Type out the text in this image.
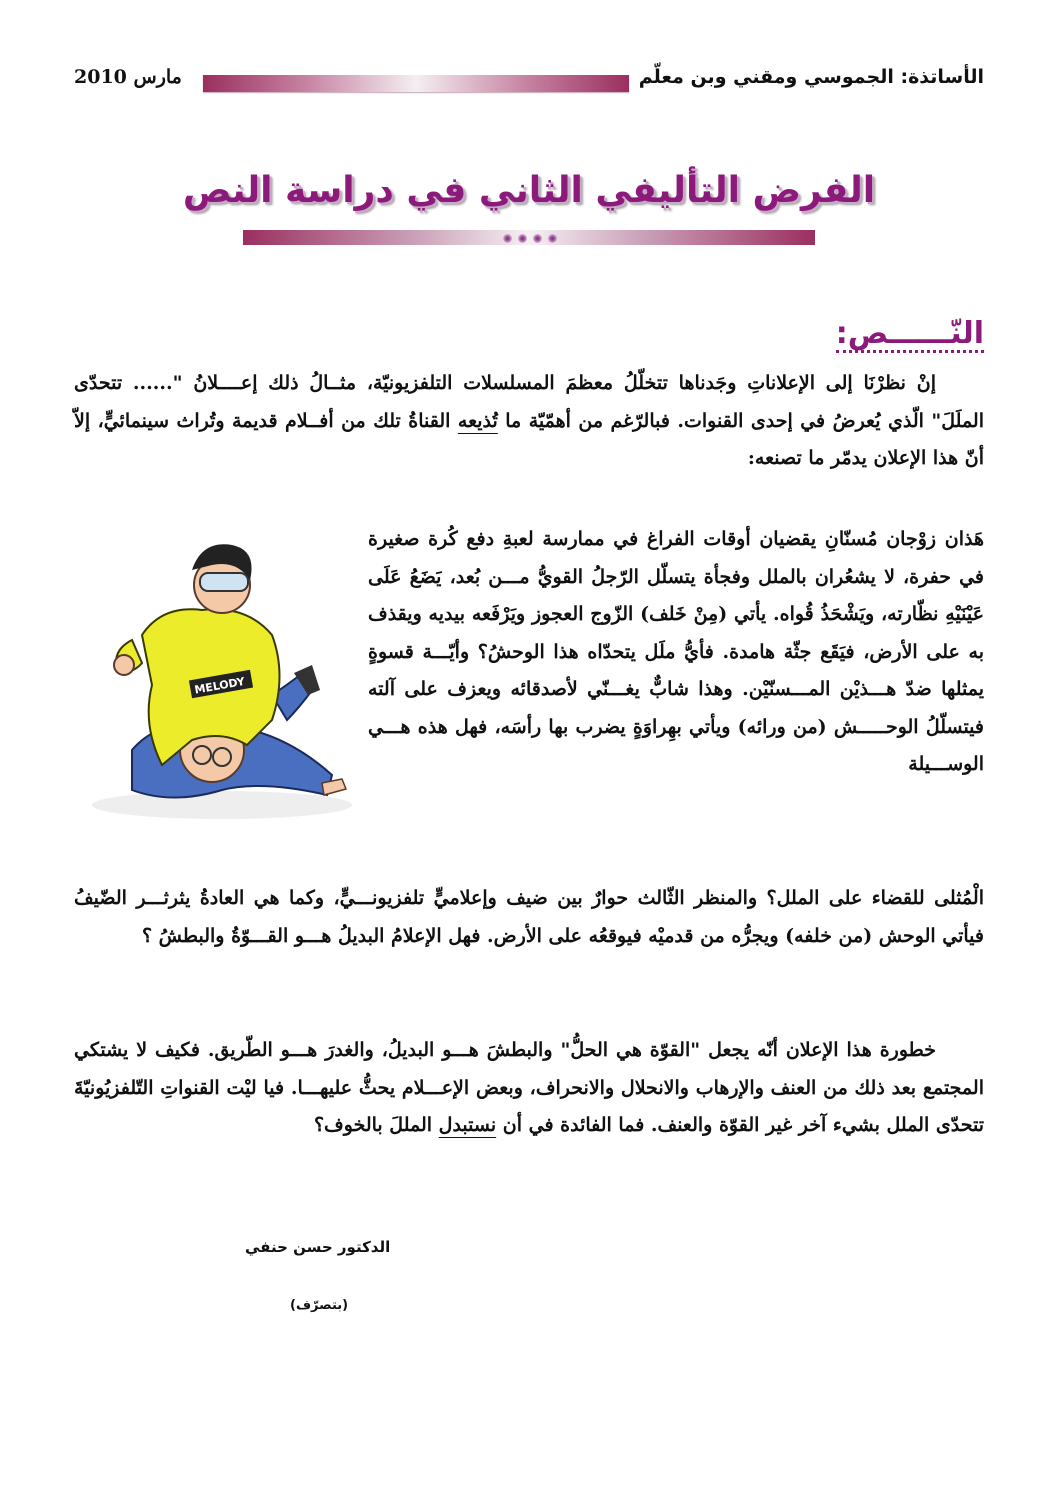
الأساتذة: الجموسي ومقني وبن معلّم
مارس 2010
الفرض التأليفي الثاني في دراسة النص
النّــــــص:
إنْ نظرْنَا إلى الإعلاناتِ وجَدناها تتخلّلُ معظمَ المسلسلات التلفزيونيّة، مثــالُ ذلك إعــــلانُ "...... تتحدّى الملَلَ" الّذي يُعرضُ في إحدى القنوات. فبالرّغم من أهمّيّة ما تُذيعه القناةُ تلك من أفــلام قديمة وتُراث سينمائيٍّ، إلاّ أنّ هذا الإعلان يدمّر ما تصنعه:
MELODY
هَذان زوْجان مُسنّانِ يقضيان أوقات الفراغ في ممارسة لعبةِ دفع كُرة صغيرة في حفرة، لا يشعُران بالملل وفجأة يتسلّل الرّجلُ القويُّ مـــن بُعد، يَضَعُ عَلَى عَيْنَيْهِ نظّارته، ويَشْحَذُ قُواه. يأتي (مِنْ خَلف) الزّوج العجوز ويَرْفَعه بيديه ويقذف به على الأرض، فيَقَع جثّة هامدة. فأيُّ ملَل يتحدّاه هذا الوحشُ؟ وأيّـــة قسوةٍ يمثلها ضدّ هـــذيْن المـــسنّيْن. وهذا شابٌّ يغـــنّي لأصدقائه ويعزف على آلته فيتسلّلُ الوحـــــش (من ورائه) ويأتي بهِراوَةٍ يضرب بها رأسَه، فهل هذه هـــي الوســـيلة
الْمُثلى للقضاء على الملل؟ والمنظر الثّالث حوارٌ بين ضيف وإعلاميٍّ تلفزيونـــيٍّ، وكما هي العادةُ يثرثـــر الضّيفُ فيأتي الوحش (من خلفه) ويجرُّه من قدميْه فيوقعُه على الأرض. فهل الإعلامُ البديلُ هـــو القـــوّةُ والبطشُ ؟
خطورة هذا الإعلان أنّه يجعل "القوّة هي الحلُّ" والبطشَ هـــو البديلُ، والغدرَ هـــو الطّريق. فكيف لا يشتكي المجتمع بعد ذلك من العنف والإرهاب والانحلال والانحراف، وبعض الإعـــلام يحثُّ عليهـــا. فيا ليْت القنواتِ التّلفزيُونيّةَ تتحدّى الملل بشيء آخر غير القوّة والعنف. فما الفائدة في أن نستبدل المللَ بالخوف؟
الدكتور حسن حنفي
(بتصرّف)
